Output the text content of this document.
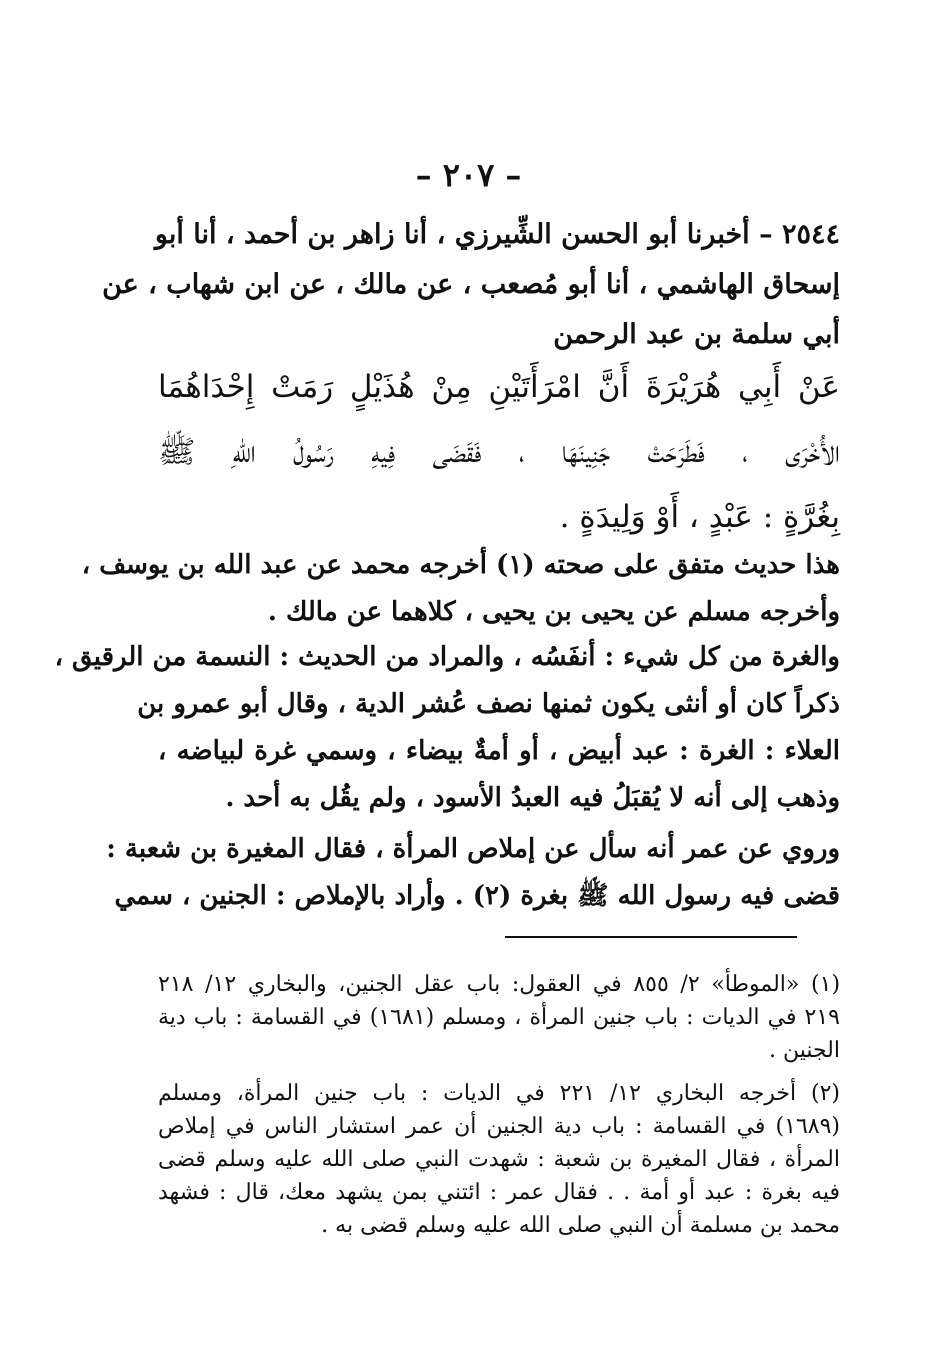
– ٢٠٧ –
٢٥٤٤ – أخبرنا أبو الحسن الشِّيرزي ، أنا زاهر بن أحمد ، أنا أبو
إسحاق الهاشمي ، أنا أبو مُصعب ، عن مالك ، عن ابن شهاب ، عن
أبي سلمة بن عبد الرحمن
عَنْ أَبِي هُرَيْرَةَ أَنَّ امْرَأَتَيْنِ مِنْ هُذَيْلٍ رَمَتْ إِحْدَاهُمَا
الأُخْرَى ، فَطَرَحَتْ جَنِينَهَا ، فَقَضَى فِيهِ رَسُولُ اللهِ ﷺ
بِغُرَّةٍ : عَبْدٍ ، أَوْ وَلِيدَةٍ .
هذا حديث متفق على صحته (١) أخرجه محمد عن عبد الله بن يوسف ،
وأخرجه مسلم عن يحيى بن يحيى ، كلاهما عن مالك .
والغرة من كل شيء : أنفَسُه ، والمراد من الحديث : النسمة من الرقيق ،
ذكراً كان أو أنثى يكون ثمنها نصف عُشر الدية ، وقال أبو عمرو بن
العلاء : الغرة : عبد أبيض ، أو أمةٌ بيضاء ، وسمي غرة لبياضه ،
وذهب إلى أنه لا يُقبَلُ فيه العبدُ الأسود ، ولم يقُل به أحد .
وروي عن عمر أنه سأل عن إملاص المرأة ، فقال المغيرة بن شعبة :
قضى فيه رسول الله ﷺ بغرة (٢) . وأراد بالإملاص : الجنين ، سمي
(١) «الموطأ» ٢/ ٨٥٥ في العقول: باب عقل الجنين، والبخاري ١٢/ ٢١٨
٢١٩ في الديات : باب جنين المرأة ، ومسلم (١٦٨١) في القسامة : باب دية
الجنين .
(٢) أخرجه البخاري ١٢/ ٢٢١ في الديات : باب جنين المرأة، ومسلم
(١٦٨٩) في القسامة : باب دية الجنين أن عمر استشار الناس في إملاص
المرأة ، فقال المغيرة بن شعبة : شهدت النبي صلى الله عليه وسلم قضى
فيه بغرة : عبد أو أمة . . فقال عمر : ائتني بمن يشهد معك، قال : فشهد
محمد بن مسلمة أن النبي صلى الله عليه وسلم قضى به .
